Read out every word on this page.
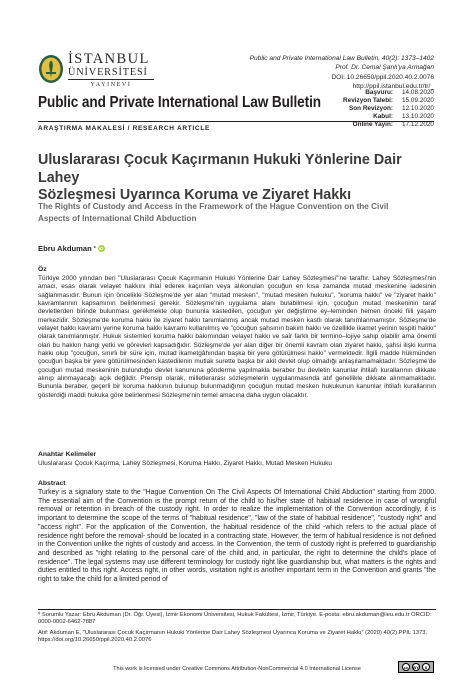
İSTANBUL
ÜNİVERSİTESİ
YAYINEVİ
Public and Private International Law Bulletin, 40(2): 1373–1402
Prof. Dr. Cemal Şanlı'ya Armağan
DOI: 10.26650/ppil.2020.40.2.0076
http://ppil.istanbul.edu.tr/tr/_
Public and Private International Law Bulletin
Başvuru:	14.08.2020
Revizyon Talebi:	15.09.2020
Son Revizyon:	12.10.2020
Kabul:	13.10.2020
Online Yayın:	17.12.2020
ARAŞTIRMA MAKALESİ / RESEARCH ARTICLE
Uluslararası Çocuk Kaçırmanın Hukuki Yönlerine Dair Lahey
Sözleşmesi Uyarınca Koruma ve Ziyaret Hakkı
The Rights of Custody and Access in the Framework of the Hague Convention on the Civil
Aspects of International Child Abduction
Ebru Akduman * iD
Öz
Türkiye 2000 yılından beri "Uluslararası Çocuk Kaçırmanın Hukuki Yönlerine Dair Lahey Sözleşmesi"'ne taraftır. Lahey Sözleşmesi'nin amacı, esas olarak velayet hakkını ihlal ederek kaçırılan veya alıkonulan çocuğun en kısa zamanda mutad meskenine iadesinin sağlanmasıdır. Bunun için öncelikle Sözleşme'de yer alan "mutad mesken", "mutad mesken hukuku", "koruma hakkı" ve "ziyaret hakkı" kavramlarının kapsamının belirlenmesi gerekir. Sözleşme'nin uygulama alanı bulabilmesi için, çocuğun mutad meskeninin taraf devletlerden birinde bulunması gerekmekte olup bununla kastedilen, çocuğun yer değiştirme ey–leminden hemen önceki fiili yaşam merkezidir. Sözleşme'de koruma hakkı ile ziyaret hakkı tanımlanmış ancak mutad mesken kastlı olarak tanımlanmamıştır. Sözleşme'de velayet hakkı kavramı yerine koruma hakkı kavramı kullanılmış ve "çocuğun şahsının bakım hakkı ve özellikle ikamet yerinin tespiti hakkı" olarak tanımlanmıştır. Hukuk sistemleri koruma hakkı bakımından velayet hakkı ve sair farklı bir termino–lojiye sahip olabilir ama önemli olan bu hakkın hangi yetki ve görevleri kapsadığıdır. Sözleşme'de yer alan diğer bir önemli kavram olan ziyaret hakkı, şahsi ilişki kurma hakkı olup "çocuğun, sınırlı bir süre için, mutad ikametgâhından başka bir yere götürülmesi hakkı" vermektedir. İlgili madde hükmünden çocuğun başka bir yere götürülmesinden kastedilenin mutlak surette başka bir akit devlet olup olmadığı anlaşılamamaktadır. Sözleşme'de çocuğun mutad meskeninin bulunduğu devlet kanununa gönderme yapılmakla beraber bu devletin kanunlar ihtilafı kurallarının dikkate alınıp alınmayacağı açık değildir. Prensip olarak, milletlerarası sözleşmelerin uygulanmasında atıf genellikle dikkate alınmamaktadır. Bununla beraber, geçerli bir koruma hakkının bulunup bulunmadığının çocuğun mutad mesken hukukunun kanunlar ihtilafı kurallarının gösterdiği maddi hukuka göre belirlenmesi Sözleşme'nin temel amacına daha uygun olacaktır.
Anahtar Kelimeler
Uluslararası Çocuk Kaçırma, Lahey Sözleşmesi, Koruma Hakkı, Ziyaret Hakkı, Mutad Mesken Hukuku
Abstract
Turkey is a signatory state to the "Hague Convention On The Civil Aspects Of International Child Abduction" starting from 2000. The essential aim of the Convention is the prompt return of the child to his/her state of habitual residence in case of wrongful removal or retention in breach of the custody right. In order to realize the implementation of the Convention accordingly, it is important to determine the scope of the terms of "habitual residence", "law of the state of habitual residence", "custody right" and "access right". For the application of the Convention, the habitual residence of the child -which refers to the actual place of residence right before the removal- should be located in a contracting state. However, the term of habitual residence is not defined in the Convention unlike the rights of custody and access. In the Convention, the term of custody right is preferred to guardianship and described as "right relating to the personal care of the child and, in particular, the right to determine the child's place of residence". The legal systems may use different terminology for custody right like guardianship but, what matters is the rights and duties entitled to this right. Access right, in other words, visitation right is another important term in the Convention and grants "the right to take the child for a limited period of
* Sorumlu Yazar: Ebru Akduman (Dr. Öğr. Üyesi), İzmir Ekonomi Üniversitesi, Hukuk Fakültesi, İzmir, Türkiye. E-posta: ebru.akduman@ieu.edu.tr ORCID: 0000-0002-6462-7887
Atıf: Akduman E, "Uluslararası Çocuk Kaçırmanın Hukuki Yönlerine Dair Lahey Sözleşmesi Uyarınca Koruma ve Ziyaret Hakkı" (2020) 40(2) PPIL 1373. https://doi.org/10.26650/ppil.2020.40.2.0076
This work is licensed under Creative Commons Attribution-NonCommercial 4.0 International License	cc	BY	$
